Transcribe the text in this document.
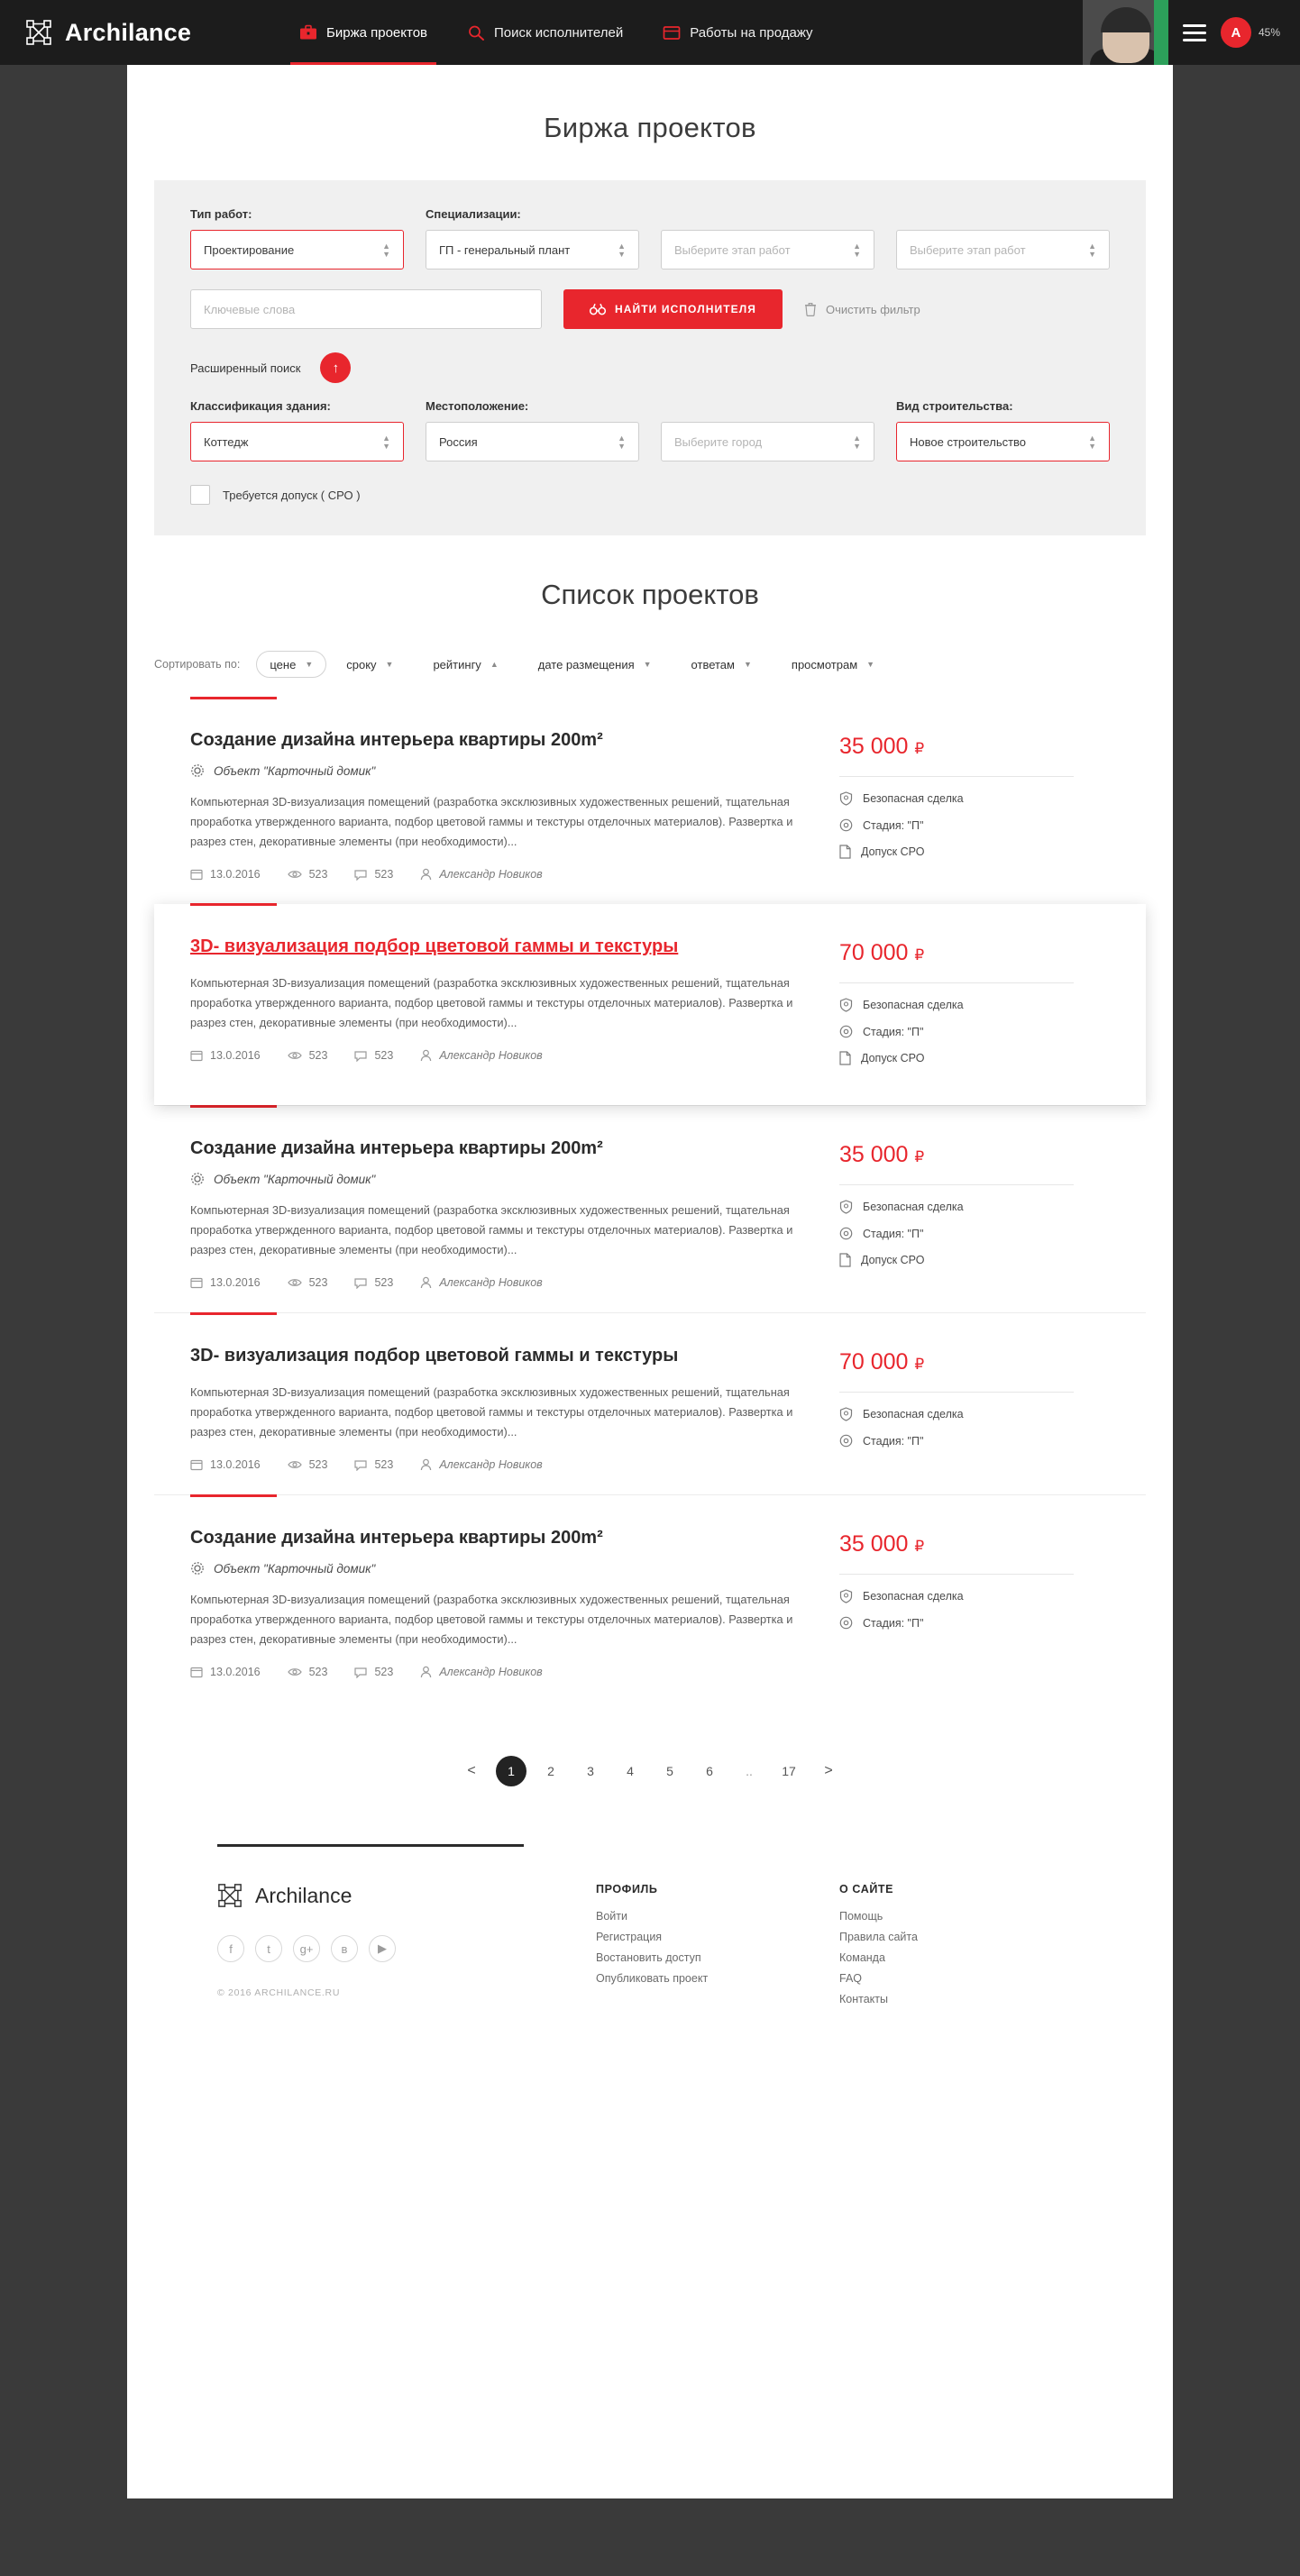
Archilance	Биржа проектов	Поиск исполнителей	Работы на продажу	A	45%
Биржа проектов
Тип работ:
Проектирование	▲
▼
Специализации:
ГП - генеральный плант	▲
▼
	Выберите этап работ	▲
▼
	Выберите этап работ	▲
▼
Ключевые слова
НАЙТИ ИСПОЛНИТЕЛЯ	Очистить фильтр
Расширенный поиск	↑
Классификация здания:
Коттедж	▲
▼
Местоположение:
Россия	▲
▼
	Выберите город	▲
▼
Вид строительства:
Новое строительство	▲
▼
Требуется допуск ( СРО )
Список проектов
Сортировать по:	цене ▼	сроку ▼	рейтингу ▲	дате размещения ▼	ответам ▼	просмотрам ▼
Создание дизайна интерьера квартиры 200m²
Объект "Карточный домик"

Компьютерная 3D-визуализация помещений (разработка эксклюзивных художественных решений, тщательная проработка утвержденного варианта, подбор цветовой гаммы и текстуры отделочных материалов). Развертка и разрез стен, декоративные элементы (при необходимости)...

13.0.2016	523	523	Александр Новиков
35 000 ₽
Безопасная сделка
Стадия: "П"
Допуск СРО
3D- визуализация подбор цветовой гаммы и текстуры

Компьютерная 3D-визуализация помещений (разработка эксклюзивных художественных решений, тщательная проработка утвержденного варианта, подбор цветовой гаммы и текстуры отделочных материалов). Развертка и разрез стен, декоративные элементы (при необходимости)...

13.0.2016	523	523	Александр Новиков
70 000 ₽
Безопасная сделка
Стадия: "П"
Допуск СРО
Создание дизайна интерьера квартиры 200m²
Объект "Карточный домик"

Компьютерная 3D-визуализация помещений (разработка эксклюзивных художественных решений, тщательная проработка утвержденного варианта, подбор цветовой гаммы и текстуры отделочных материалов). Развертка и разрез стен, декоративные элементы (при необходимости)...

13.0.2016	523	523	Александр Новиков
35 000 ₽
Безопасная сделка
Стадия: "П"
Допуск СРО
3D- визуализация подбор цветовой гаммы и текстуры

Компьютерная 3D-визуализация помещений (разработка эксклюзивных художественных решений, тщательная проработка утвержденного варианта, подбор цветовой гаммы и текстуры отделочных материалов). Развертка и разрез стен, декоративные элементы (при необходимости)...

13.0.2016	523	523	Александр Новиков
70 000 ₽
Безопасная сделка
Стадия: "П"
Создание дизайна интерьера квартиры 200m²
Объект "Карточный домик"

Компьютерная 3D-визуализация помещений (разработка эксклюзивных художественных решений, тщательная проработка утвержденного варианта, подбор цветовой гаммы и текстуры отделочных материалов). Развертка и разрез стен, декоративные элементы (при необходимости)...

13.0.2016	523	523	Александр Новиков
35 000 ₽
Безопасная сделка
Стадия: "П"
<	1	2	3	4	5	6	..	17	>
Archilance
f	t	g+	в	▶
© 2016 ARCHILANCE.RU
ПРОФИЛЬ
Войти
Регистрация
Востановить доступ
Опубликовать проект
О САЙТЕ
Помощь
Правила сайта
Команда
FAQ
Контакты
